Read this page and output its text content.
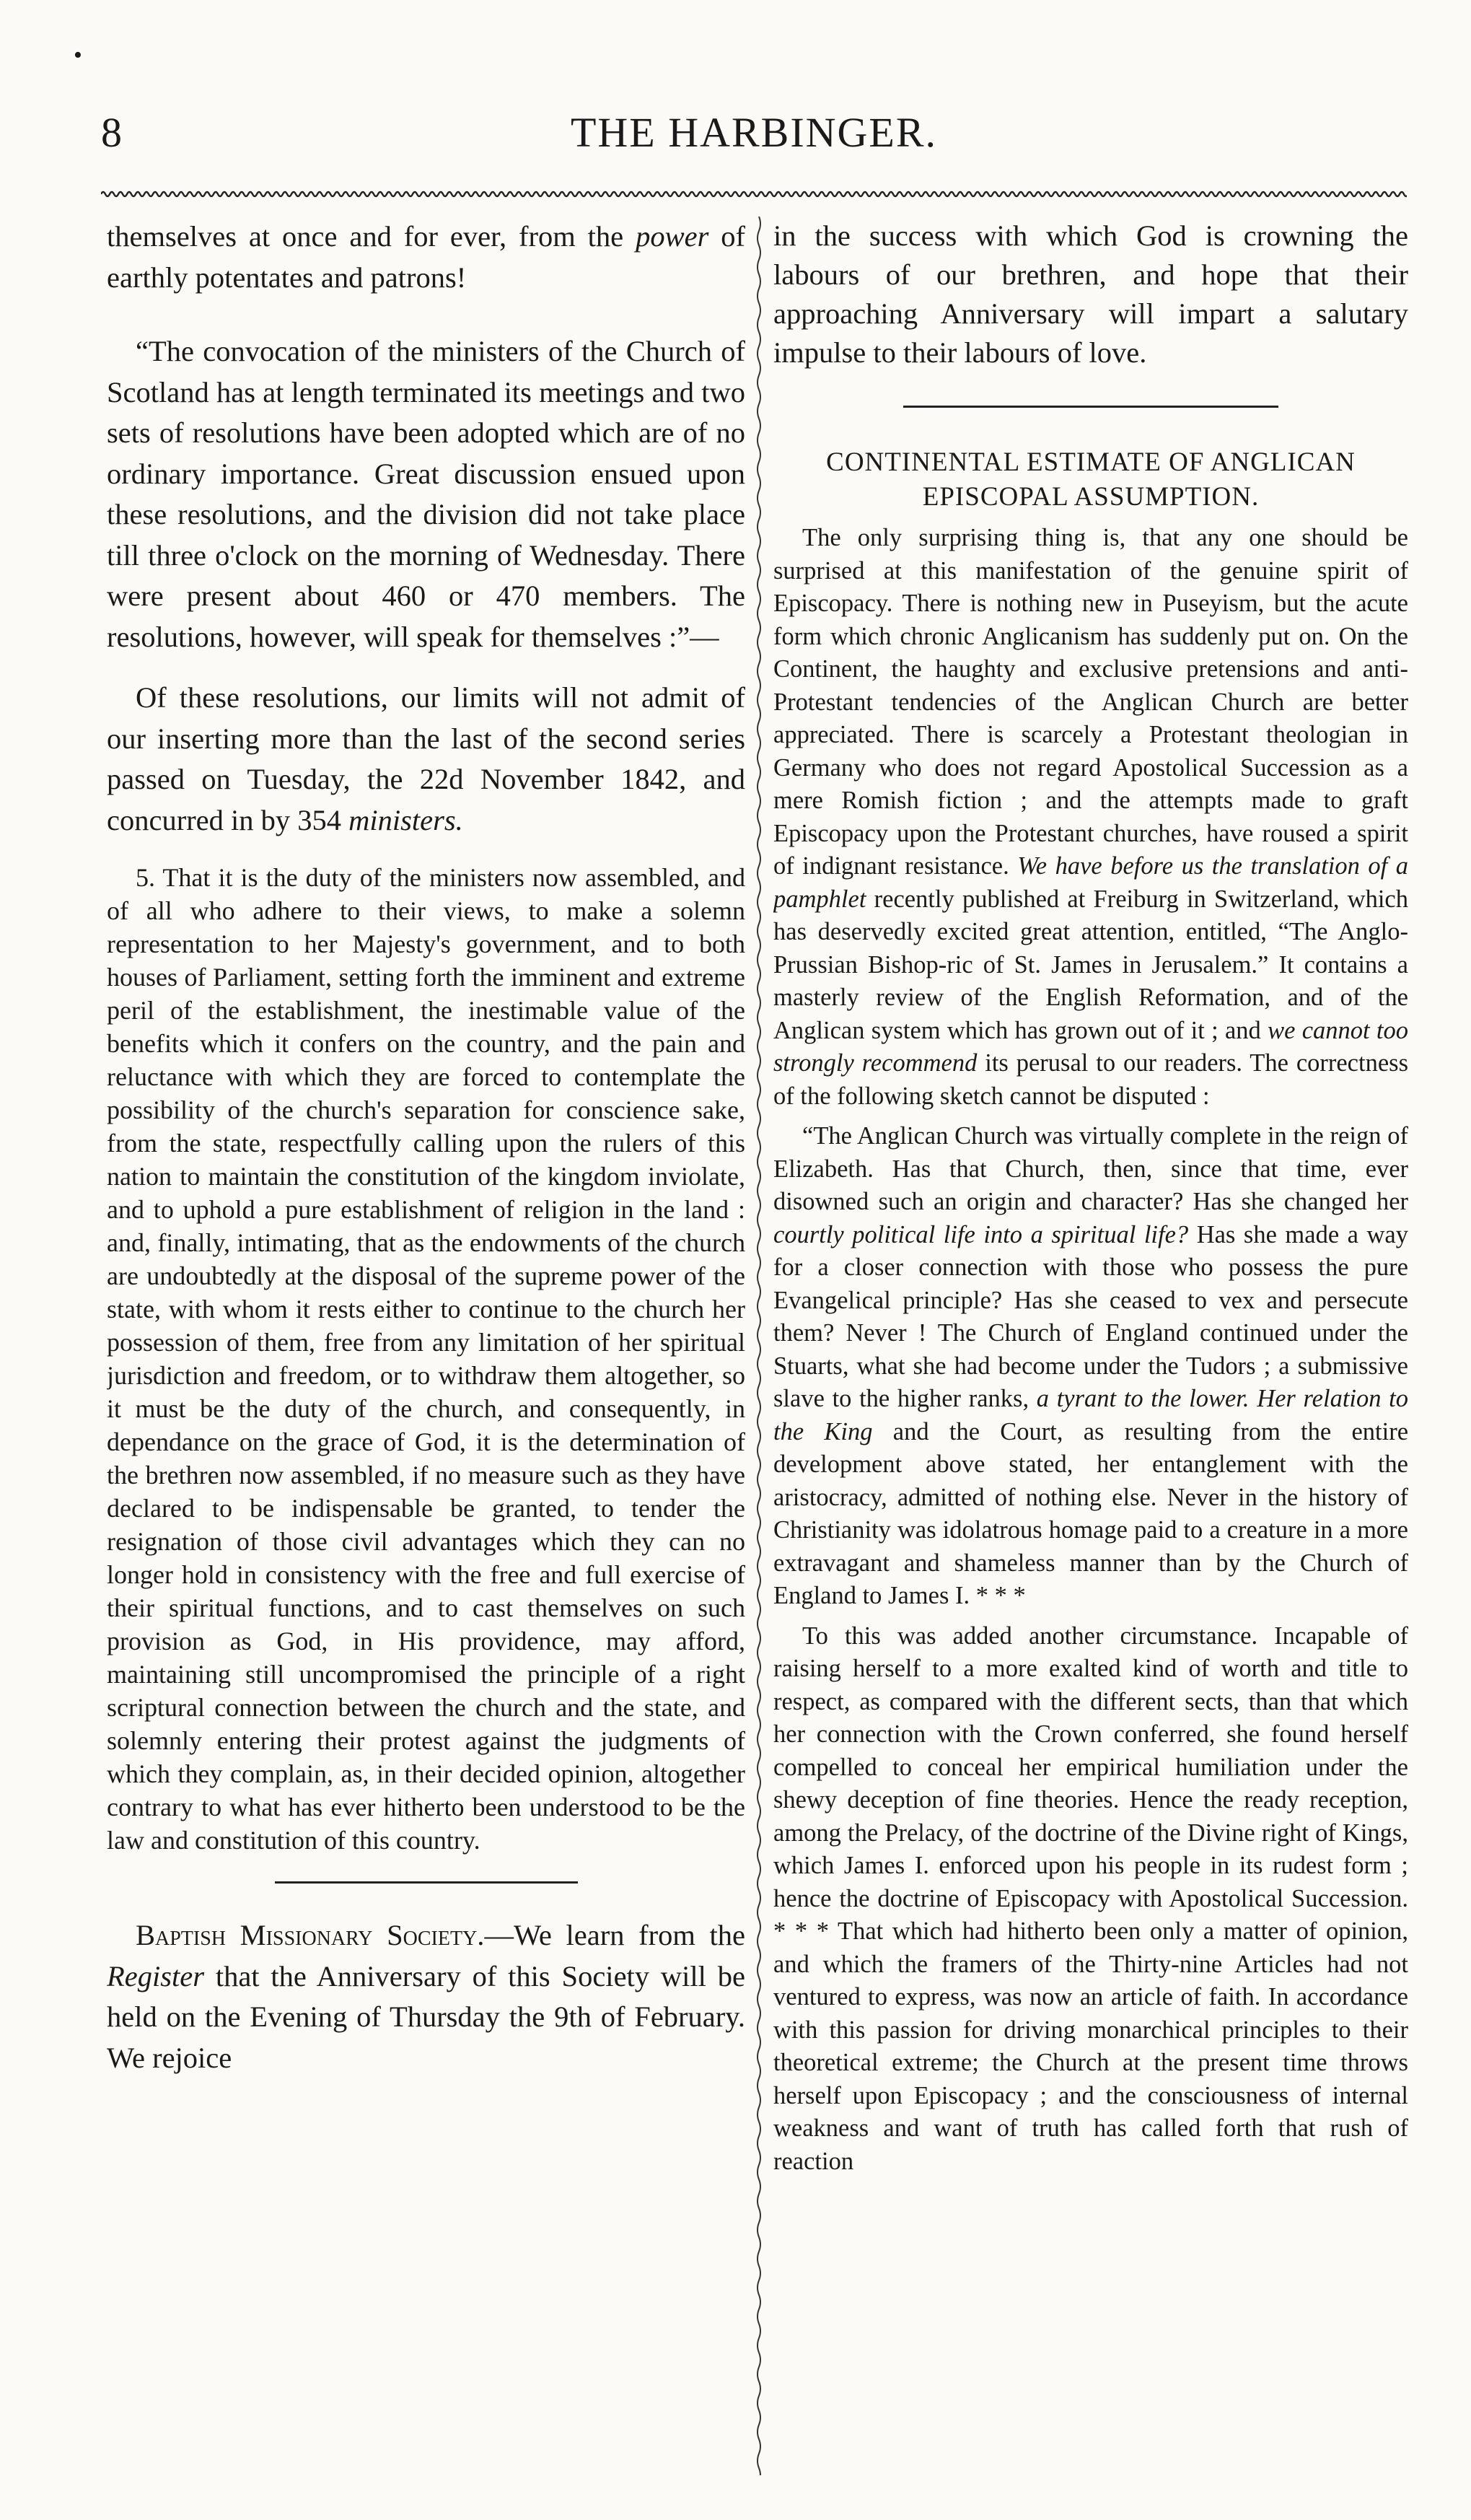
•
8	THE HARBINGER.

themselves at once and for ever, from the power of earthly potentates and patrons!

“The convocation of the ministers of the Church of Scotland has at length terminated its meetings and two sets of resolutions have been adopted which are of no ordinary importance. Great discussion ensued upon these resolutions, and the division did not take place till three o'clock on the morning of Wednesday. There were present about 460 or 470 members. The resolutions, however, will speak for themselves :”—

Of these resolutions, our limits will not admit of our inserting more than the last of the second series passed on Tuesday, the 22d November 1842, and concurred in by 354 ministers.

5. That it is the duty of the ministers now assembled, and of all who adhere to their views, to make a solemn representation to her Majesty's government, and to both houses of Parliament, setting forth the imminent and extreme peril of the establishment, the inestimable value of the benefits which it confers on the country, and the pain and reluctance with which they are forced to contemplate the possibility of the church's separation for conscience sake, from the state, respectfully calling upon the rulers of this nation to maintain the constitution of the kingdom inviolate, and to uphold a pure establishment of religion in the land : and, finally, intimating, that as the endowments of the church are undoubtedly at the disposal of the supreme power of the state, with whom it rests either to continue to the church her possession of them, free from any limitation of her spiritual jurisdiction and freedom, or to withdraw them altogether, so it must be the duty of the church, and consequently, in dependance on the grace of God, it is the determination of the brethren now assembled, if no measure such as they have declared to be indispensable be granted, to tender the resignation of those civil advantages which they can no longer hold in consistency with the free and full exercise of their spiritual functions, and to cast themselves on such provision as God, in His providence, may afford, maintaining still uncompromised the principle of a right scriptural connection between the church and the state, and solemnly entering their protest against the judgments of which they complain, as, in their decided opinion, altogether contrary to what has ever hitherto been understood to be the law and constitution of this country.

Baptish Missionary Society.—We learn from the Register that the Anniversary of this Society will be held on the Evening of Thursday the 9th of February. We rejoice

in the success with which God is crowning the labours of our brethren, and hope that their approaching Anniversary will impart a salutary impulse to their labours of love.

CONTINENTAL ESTIMATE OF ANGLICAN EPISCOPAL ASSUMPTION.

The only surprising thing is, that any one should be surprised at this manifestation of the genuine spirit of Episcopacy. There is nothing new in Puseyism, but the acute form which chronic Anglicanism has suddenly put on. On the Continent, the haughty and exclusive pretensions and anti-Protestant tendencies of the Anglican Church are better appreciated. There is scarcely a Protestant theologian in Germany who does not regard Apostolical Succession as a mere Romish fiction ; and the attempts made to graft Episcopacy upon the Protestant churches, have roused a spirit of indignant resistance. We have before us the translation of a pamphlet recently published at Freiburg in Switzerland, which has deservedly excited great attention, entitled, “The Anglo-Prussian Bishop-ric of St. James in Jerusalem.” It contains a masterly review of the English Reformation, and of the Anglican system which has grown out of it ; and we cannot too strongly recommend its perusal to our readers. The correctness of the following sketch cannot be disputed :

“The Anglican Church was virtually complete in the reign of Elizabeth. Has that Church, then, since that time, ever disowned such an origin and character? Has she changed her courtly political life into a spiritual life? Has she made a way for a closer connection with those who possess the pure Evangelical principle? Has she ceased to vex and persecute them? Never ! The Church of England continued under the Stuarts, what she had become under the Tudors ; a submissive slave to the higher ranks, a tyrant to the lower. Her relation to the King and the Court, as resulting from the entire development above stated, her entanglement with the aristocracy, admitted of nothing else. Never in the history of Christianity was idolatrous homage paid to a creature in a more extravagant and shameless manner than by the Church of England to James I. * * *

To this was added another circumstance. Incapable of raising herself to a more exalted kind of worth and title to respect, as compared with the different sects, than that which her connection with the Crown conferred, she found herself compelled to conceal her empirical humiliation under the shewy deception of fine theories. Hence the ready reception, among the Prelacy, of the doctrine of the Divine right of Kings, which James I. enforced upon his people in its rudest form ; hence the doctrine of Episcopacy with Apostolical Succession. * * * That which had hitherto been only a matter of opinion, and which the framers of the Thirty-nine Articles had not ventured to express, was now an article of faith. In accordance with this passion for driving monarchical principles to their theoretical extreme; the Church at the present time throws herself upon Episcopacy ; and the consciousness of internal weakness and want of truth has called forth that rush of reaction
